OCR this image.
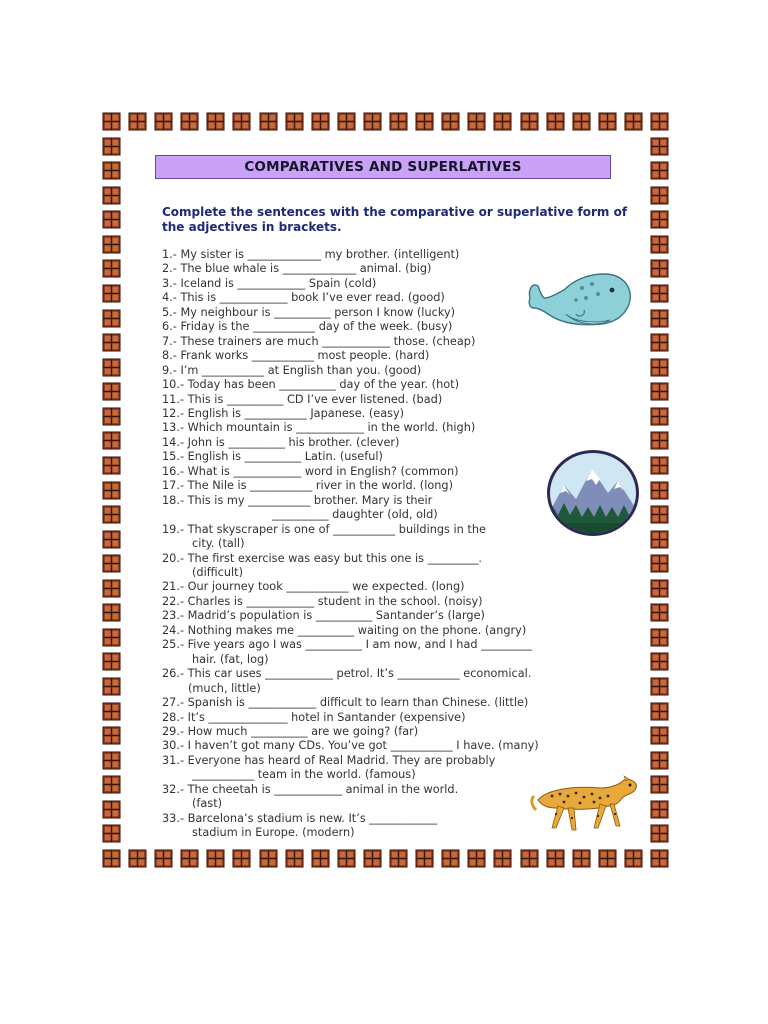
COMPARATIVES AND SUPERLATIVES

Complete the sentences with the comparative or superlative form of the adjectives in brackets.

1.- My sister is _____________ my brother. (intelligent)
2.- The blue whale is _____________ animal. (big)
3.- Iceland is ____________ Spain (cold)
4.- This is ____________ book I’ve ever read. (good)
5.- My neighbour is __________ person I know (lucky)
6.- Friday is the ___________ day of the week. (busy)
7.- These trainers are much ____________ those. (cheap)
8.- Frank works ___________ most people. (hard)
9.- I’m ___________ at English than you. (good)
10.- Today has been __________ day of the year. (hot)
11.- This is __________ CD I’ve ever listened. (bad)
12.- English is ___________ Japanese. (easy)
13.- Which mountain is ____________ in the world. (high)
14.- John is __________ his brother. (clever)
15.- English is __________ Latin. (useful)
16.- What is ____________ word in English? (common)
17.- The Nile is ___________ river in the world. (long)
18.- This is my ___________ brother. Mary is their
__________ daughter (old, old)
19.- That skyscraper is one of ___________ buildings in the
city. (tall)
20.- The first exercise was easy but this one is _________.
(difficult)
21.- Our journey took ___________ we expected. (long)
22.- Charles is ____________ student in the school. (noisy)
23.- Madrid’s population is __________ Santander’s (large)
24.- Nothing makes me __________ waiting on the phone. (angry)
25.- Five years ago I was __________ I am now, and I had _________
hair. (fat, log)
26.- This car uses ____________ petrol. It’s ___________ economical.
(much, little)
27.- Spanish is ____________ difficult to learn than Chinese. (little)
28.- It’s ______________ hotel in Santander (expensive)
29.- How much __________ are we going? (far)
30.- I haven’t got many CDs. You’ve got ___________ I have. (many)
31.- Everyone has heard of Real Madrid. They are probably
___________ team in the world. (famous)
32.- The cheetah is ____________ animal in the world.
(fast)
33.- Barcelona’s stadium is new. It’s ____________
stadium in Europe. (modern)
